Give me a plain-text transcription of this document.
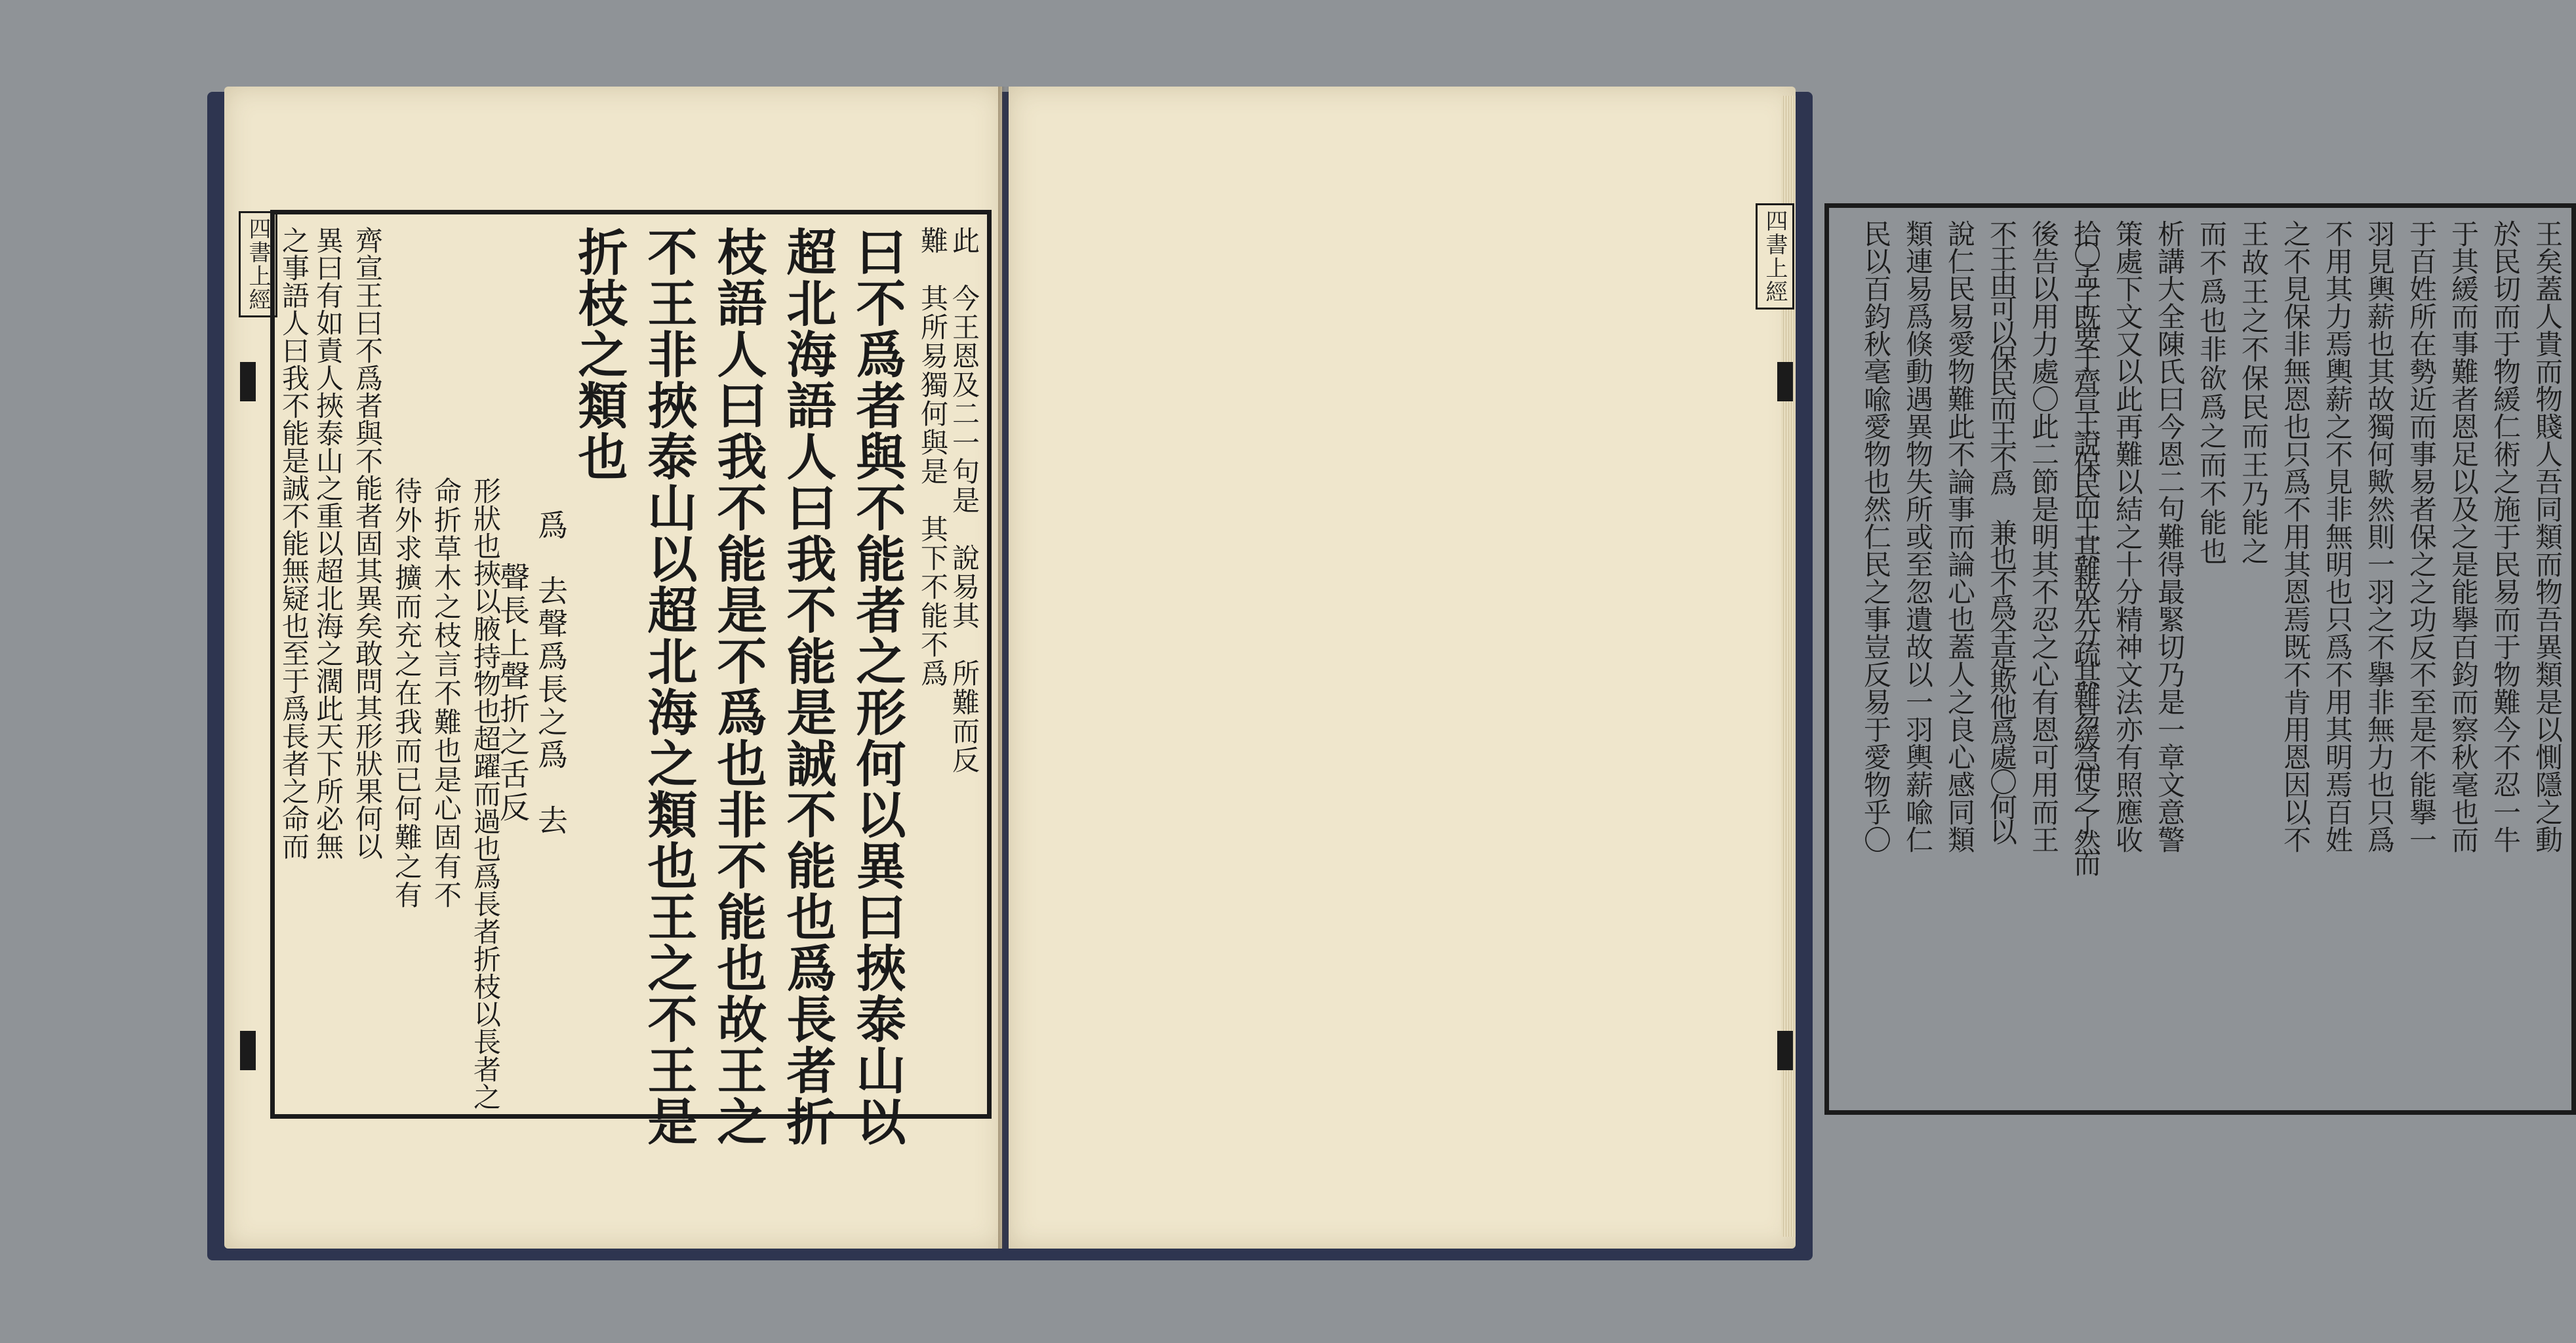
四書上經	此　今王恩及二一句是　說易其　所難而反
難　其所易獨何與是　其下不能不爲
曰不爲者與不能者之形何以異曰挾泰山以
超北海語人曰我不能是誠不能也爲長者折
枝語人曰我不能是不爲也非不能也故王之
不王非挾泰山以超北海之類也王之不王是
折枝之類也
爲　去聲爲長之爲　去
聲長上聲折之舌反
形狀也挾以腋持物也超躍而過也爲長者折枝以長者之
命折草木之枝言不難也是心固有不
待外求擴而充之在我而已何難之有
齊宣王曰不爲者與不能者固其異矣敢問其形狀果何以
異曰有如責人挾泰山之重以超北海之濶此天下所必無
之事語人曰我不能是誠不能無疑也至于爲長者之命而	王矣蓋人貴而物賤人吾同類而物吾異類是以惻隱之動
於民切而于物緩仁術之施于民易而于物難今不忍一牛
于其緩而事難者恩足以及之是能擧百鈞而察秋毫也而
于百姓所在勢近而事易者保之之功反不至是不能擧一
羽見輿薪也其故獨何歟然則一羽之不擧非無力也只爲
不用其力焉輿薪之不見非無明也只爲不用其明焉百姓
之不見保非無恩也只爲不用其恩焉既不肯用恩因以不
王故王之不保民而王乃能之
而不爲也非欲爲之而不能也
析講大全陳氏曰今恩二句難得最緊切乃是一章文意警
策處下文又以此再難以結之十分精神文法亦有照應收
拾〇孟子既要于齊宣王說保民而王其難故先分疏其難易緩急使之了然而
後告以用力處〇此二節是明其不忍之心有恩可用而王
不王由可以保民而王不爲　兼也不爲全是欺他爲處〇何以
說仁民易愛物難此不論事而論心也蓋人之良心感同類
類連易爲倏動遇異物失所或至忽遺故以一羽輿薪喩仁
民以百鈞秋毫喩愛物也然仁民之事豈反易于愛物乎〇
四書上經
